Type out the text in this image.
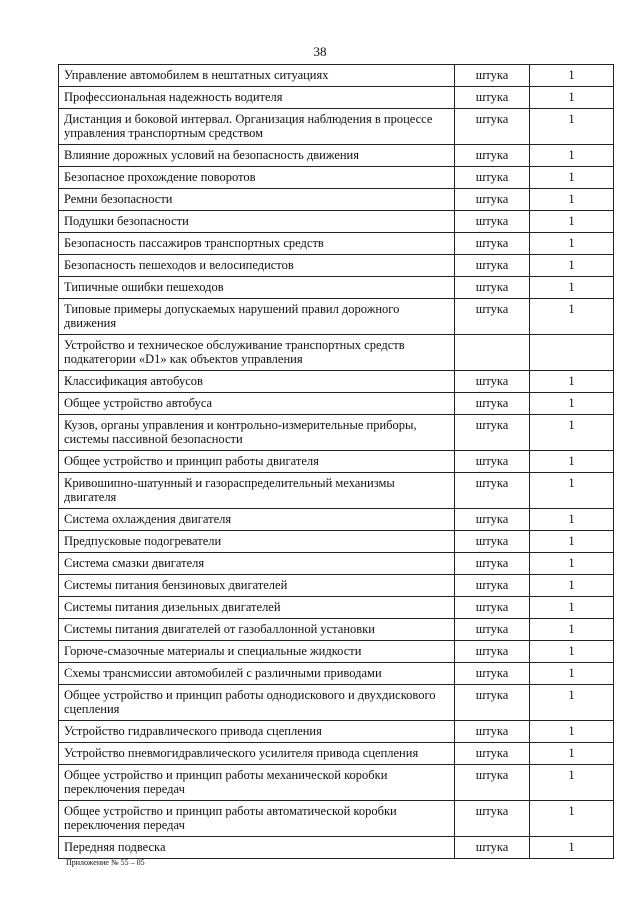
38
Управление автомобилем в нештатных ситуациях	штука	1
Профессиональная надежность водителя	штука	1
Дистанция и боковой интервал. Организация наблюдения в процессе управления транспортным средством	штука	1
Влияние дорожных условий на безопасность движения	штука	1
Безопасное прохождение поворотов	штука	1
Ремни безопасности	штука	1
Подушки безопасности	штука	1
Безопасность пассажиров транспортных средств	штука	1
Безопасность пешеходов и велосипедистов	штука	1
Типичные ошибки пешеходов	штука	1
Типовые примеры допускаемых нарушений правил дорожного движения	штука	1
Устройство и техническое обслуживание транспортных средств подкатегории «D1» как объектов управления		
Классификация автобусов	штука	1
Общее устройство автобуса	штука	1
Кузов, органы управления и контрольно-измерительные приборы, системы пассивной безопасности	штука	1
Общее устройство и принцип работы двигателя	штука	1
Кривошипно-шатунный и газораспределительный механизмы двигателя	штука	1
Система охлаждения двигателя	штука	1
Предпусковые подогреватели	штука	1
Система смазки двигателя	штука	1
Системы питания бензиновых двигателей	штука	1
Системы питания дизельных двигателей	штука	1
Системы питания двигателей от газобаллонной установки	штука	1
Горюче-смазочные материалы и специальные жидкости	штука	1
Схемы трансмиссии автомобилей с различными приводами	штука	1
Общее устройство и принцип работы однодискового и двухдискового сцепления	штука	1
Устройство гидравлического привода сцепления	штука	1
Устройство пневмогидравлического усилителя привода сцепления	штука	1
Общее устройство и принцип работы механической коробки переключения передач	штука	1
Общее устройство и принцип работы автоматической коробки переключения передач	штука	1
Передняя подвеска	штука	1
Приложение № 55 – 05
